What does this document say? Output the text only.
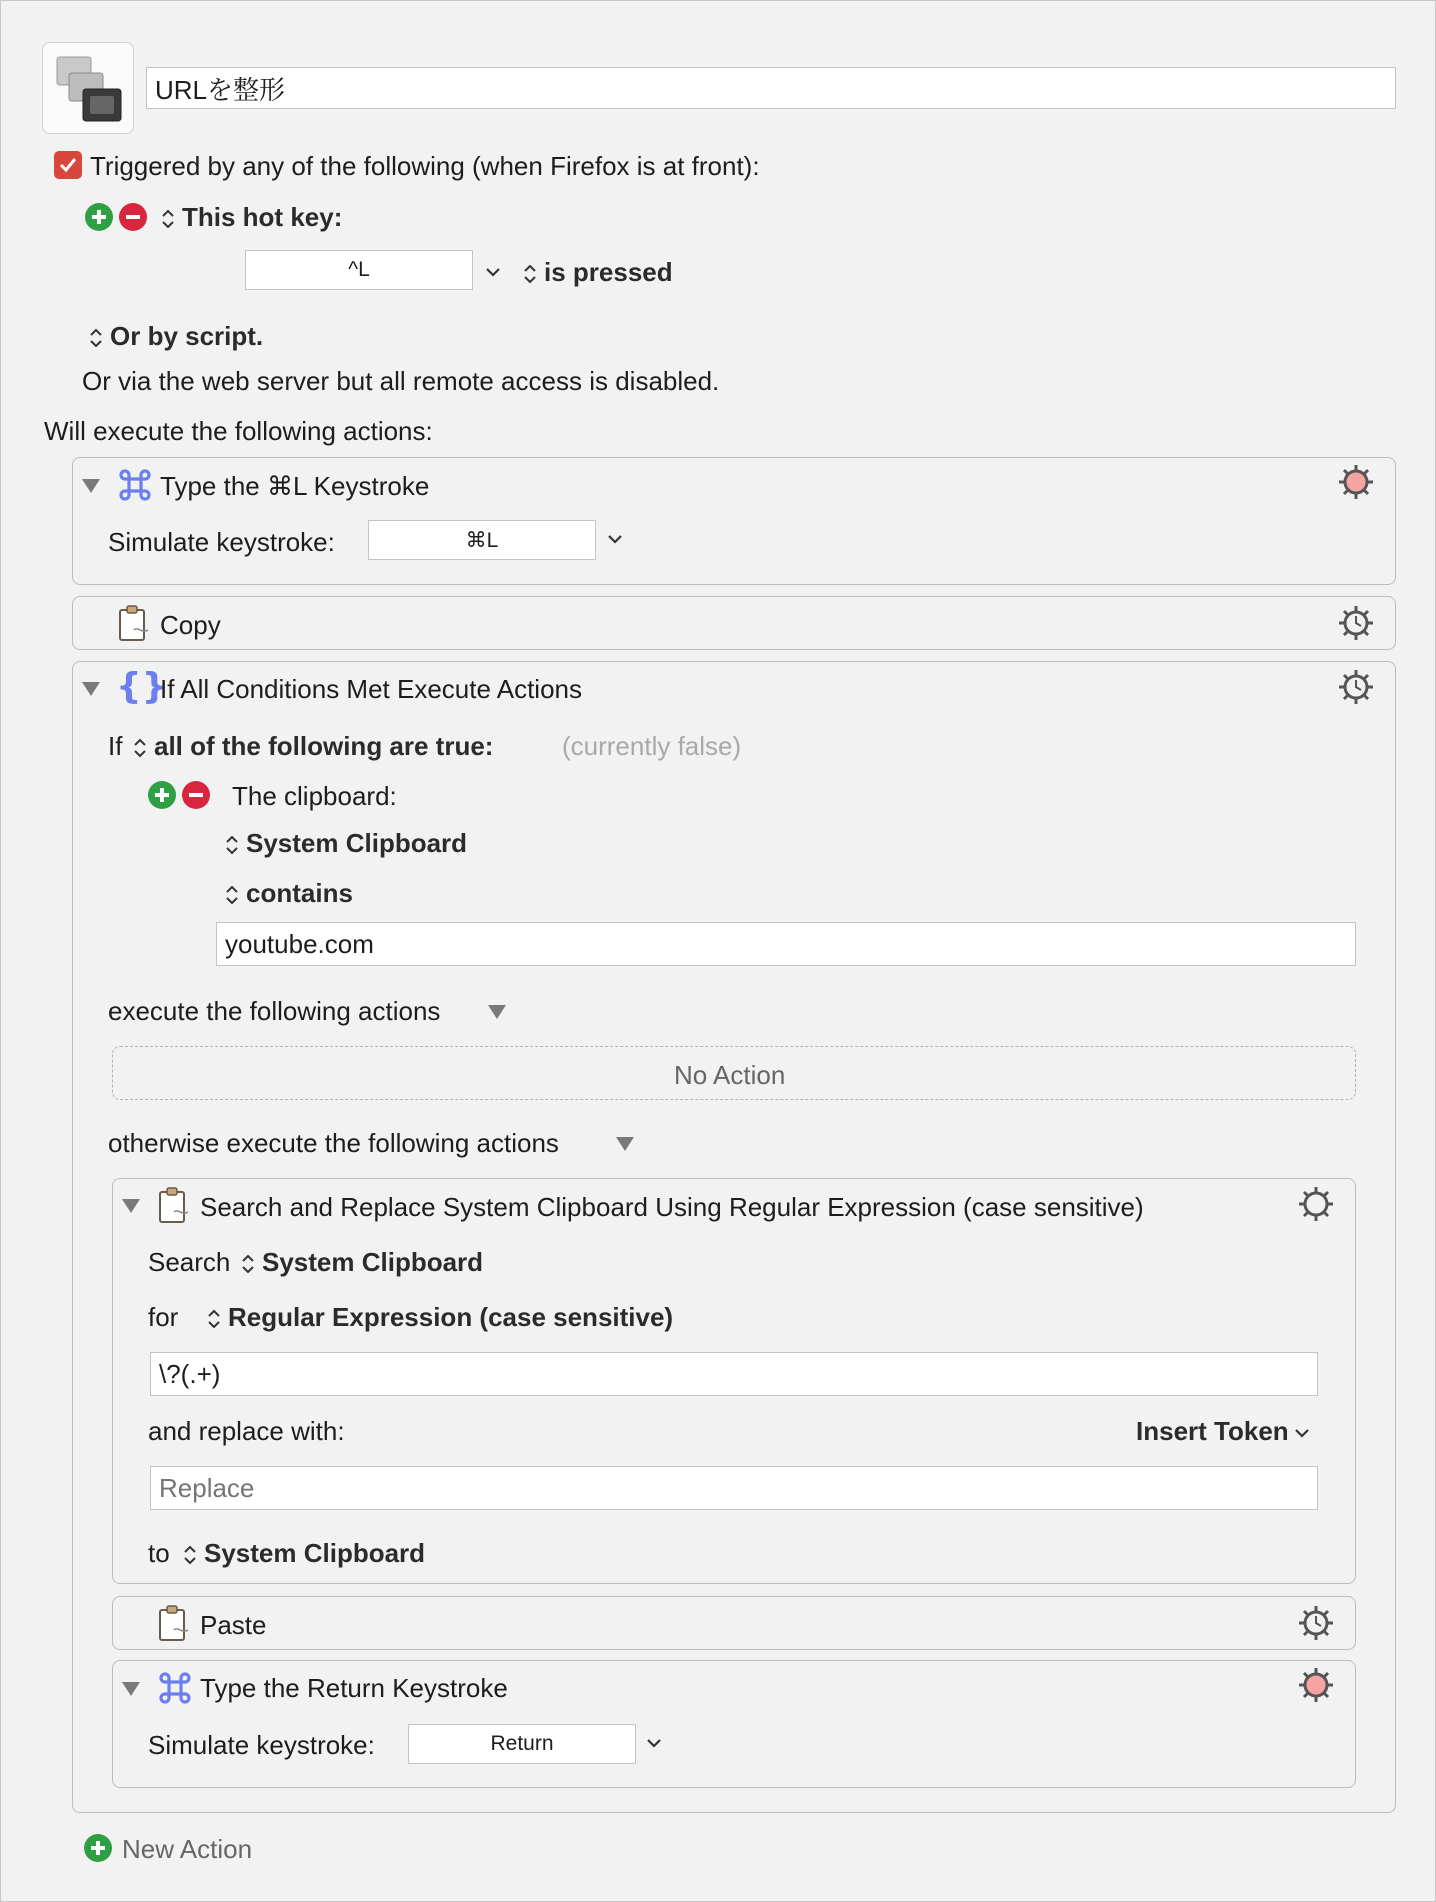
URLを整形
Triggered by any of the following (when Firefox is at front):
This hot key:
^L	is pressed
Or by script.
Or via the web server but all remote access is disabled.
Will execute the following actions:
Type the ⌘L Keystroke
Simulate keystroke:	⌘L
Copy
{}
If All Conditions Met Execute Actions
If	all of the following are true:	(currently false)
The clipboard:
System Clipboard
contains
youtube.com
execute the following actions
No Action
otherwise execute the following actions
Search and Replace System Clipboard Using Regular Expression (case sensitive)
Search	System Clipboard
for	Regular Expression (case sensitive)
\?(.+)
and replace with:	Insert Token
Replace
to	System Clipboard
Paste
Type the Return Keystroke
Simulate keystroke:	Return
New Action
